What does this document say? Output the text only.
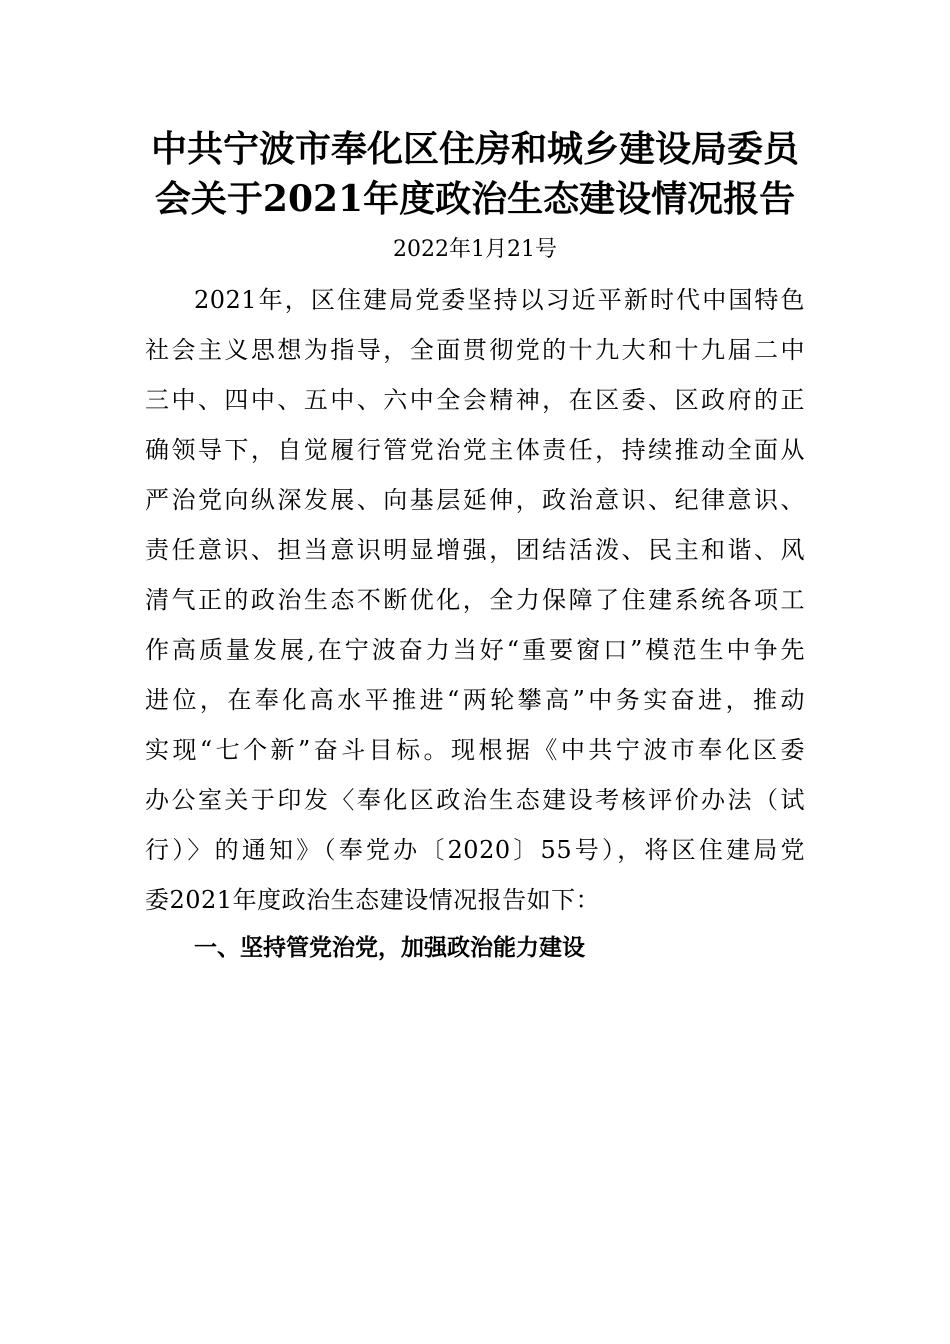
中共宁波市奉化区住房和城乡建设局委员
会关于2021年度政治生态建设情况报告
2022年1月21号
2021年，区住建局党委坚持以习近平新时代中国特色
社会主义思想为指导，全面贯彻党的十九大和十九届二中
三中、四中、五中、六中全会精神，在区委、区政府的正
确领导下，自觉履行管党治党主体责任，持续推动全面从
严治党向纵深发展、向基层延伸，政治意识、纪律意识、
责任意识、担当意识明显增强，团结活泼、民主和谐、风
清气正的政治生态不断优化，全力保障了住建系统各项工
作高质量发展,在宁波奋力当好“重要窗口”模范生中争先
进位，在奉化高水平推进“两轮攀高”中务实奋进，推动
实现“七个新”奋斗目标。现根据《中共宁波市奉化区委
办公室关于印发〈奉化区政治生态建设考核评价办法（试
行）〉的通知》（奉党办〔2020〕55号），将区住建局党
委2021年度政治生态建设情况报告如下：
一、坚持管党治党，加强政治能力建设
